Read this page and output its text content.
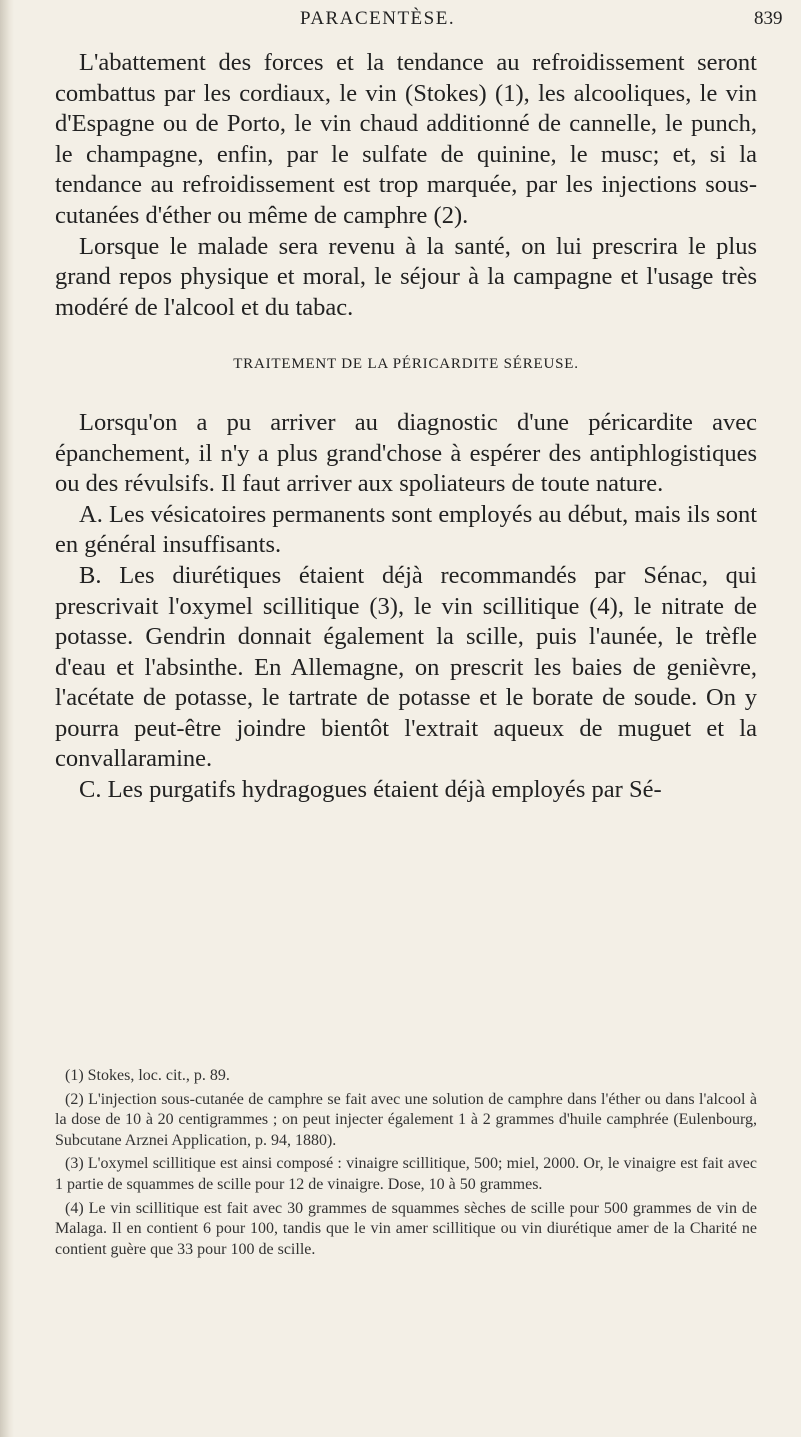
PARACENTÈSE.	839

L'abattement des forces et la tendance au refroidissement seront combattus par les cordiaux, le vin (Stokes) (1), les alcooliques, le vin d'Espagne ou de Porto, le vin chaud additionné de cannelle, le punch, le champagne, enfin, par le sulfate de quinine, le musc; et, si la tendance au refroidissement est trop marquée, par les injections sous-cutanées d'éther ou même de camphre (2).

Lorsque le malade sera revenu à la santé, on lui prescrira le plus grand repos physique et moral, le séjour à la campagne et l'usage très modéré de l'alcool et du tabac.

TRAITEMENT DE LA PÉRICARDITE SÉREUSE.

Lorsqu'on a pu arriver au diagnostic d'une péricardite avec épanchement, il n'y a plus grand'chose à espérer des antiphlogistiques ou des révulsifs. Il faut arriver aux spoliateurs de toute nature.

A. Les vésicatoires permanents sont employés au début, mais ils sont en général insuffisants.

B. Les diurétiques étaient déjà recommandés par Sénac, qui prescrivait l'oxymel scillitique (3), le vin scillitique (4), le nitrate de potasse. Gendrin donnait également la scille, puis l'aunée, le trèfle d'eau et l'absinthe. En Allemagne, on prescrit les baies de genièvre, l'acétate de potasse, le tartrate de potasse et le borate de soude. On y pourra peut-être joindre bientôt l'extrait aqueux de muguet et la convallaramine.

C. Les purgatifs hydragogues étaient déjà employés par Sé-

(1) Stokes, loc. cit., p. 89.

(2) L'injection sous-cutanée de camphre se fait avec une solution de camphre dans l'éther ou dans l'alcool à la dose de 10 à 20 centigrammes ; on peut injecter également 1 à 2 grammes d'huile camphrée (Eulenbourg, Subcutane Arznei Application, p. 94, 1880).

(3) L'oxymel scillitique est ainsi composé : vinaigre scillitique, 500; miel, 2000. Or, le vinaigre est fait avec 1 partie de squammes de scille pour 12 de vinaigre. Dose, 10 à 50 grammes.

(4) Le vin scillitique est fait avec 30 grammes de squammes sèches de scille pour 500 grammes de vin de Malaga. Il en contient 6 pour 100, tandis que le vin amer scillitique ou vin diurétique amer de la Charité ne contient guère que 33 pour 100 de scille.
